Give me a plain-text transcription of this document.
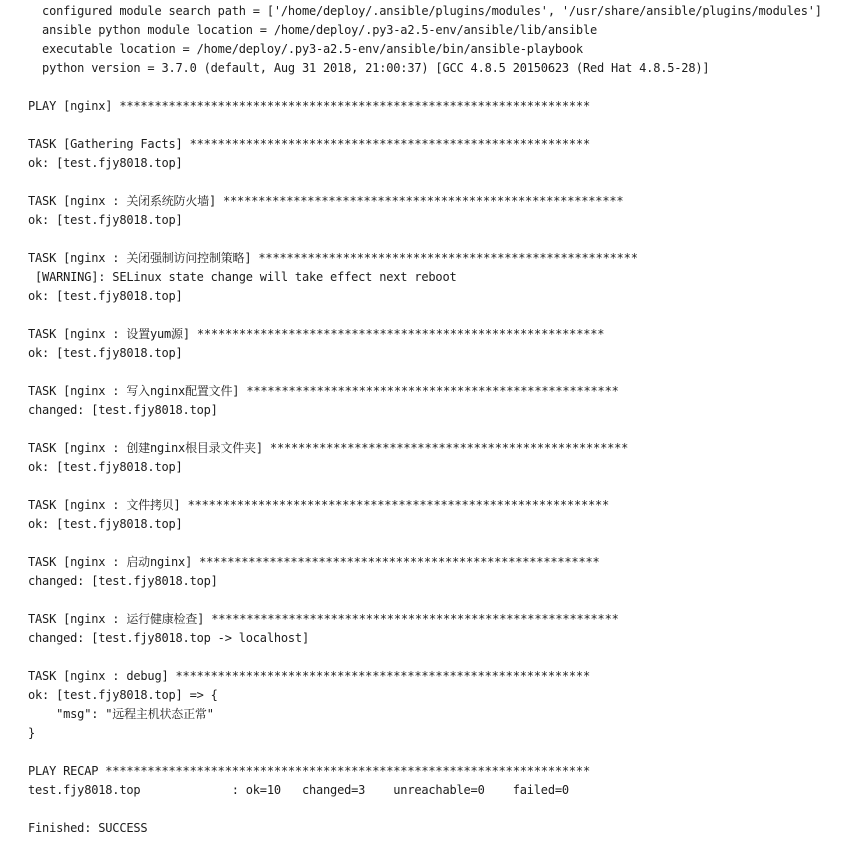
configured module search path = ['/home/deploy/.ansible/plugins/modules', '/usr/share/ansible/plugins/modules']
ansible python module location = /home/deploy/.py3-a2.5-env/ansible/lib/ansible
executable location = /home/deploy/.py3-a2.5-env/ansible/bin/ansible-playbook
python version = 3.7.0 (default, Aug 31 2018, 21:00:37) [GCC 4.8.5 20150623 (Red Hat 4.8.5-28)]

PLAY [nginx] *******************************************************************

TASK [Gathering Facts] *********************************************************
ok: [test.fjy8018.top]

TASK [nginx : 关闭系统防火墙] *********************************************************
ok: [test.fjy8018.top]

TASK [nginx : 关闭强制访问控制策略] ******************************************************
[WARNING]: SELinux state change will take effect next reboot
ok: [test.fjy8018.top]

TASK [nginx : 设置yum源] **********************************************************
ok: [test.fjy8018.top]

TASK [nginx : 写入nginx配置文件] *****************************************************
changed: [test.fjy8018.top]

TASK [nginx : 创建nginx根目录文件夹] ***************************************************
ok: [test.fjy8018.top]

TASK [nginx : 文件拷贝] ************************************************************
ok: [test.fjy8018.top]

TASK [nginx : 启动nginx] *********************************************************
changed: [test.fjy8018.top]

TASK [nginx : 运行健康检查] **********************************************************
changed: [test.fjy8018.top -> localhost]

TASK [nginx : debug] ***********************************************************
ok: [test.fjy8018.top] => {
"msg": "远程主机状态正常"
}

PLAY RECAP *********************************************************************
test.fjy8018.top             : ok=10   changed=3    unreachable=0    failed=0

Finished: SUCCESS
